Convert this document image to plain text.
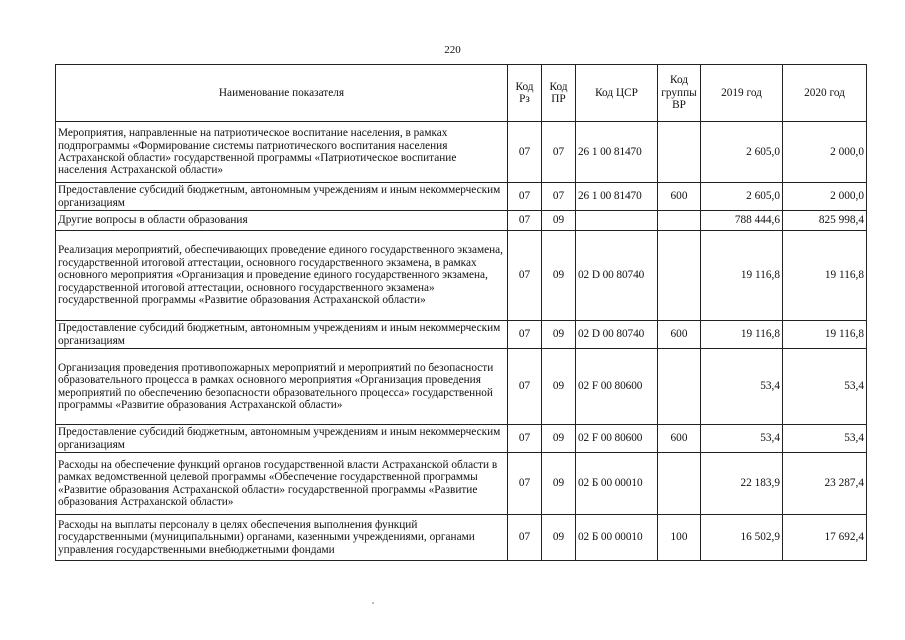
220
Наименование показателя	Код Рз	Код ПР	Код ЦСР	Код группы ВР	2019 год	2020 год
Мероприятия, направленные на патриотическое воспитание населения, в рамках подпрограммы «Формирование системы патриотического воспитания населения Астраханской области» государственной программы «Патриотическое воспитание населения Астраханской области»	07	07	26 1 00 81470		2 605,0	2 000,0
Предоставление субсидий бюджетным, автономным учреждениям и иным некоммерческим организациям	07	07	26 1 00 81470	600	2 605,0	2 000,0
Другие вопросы в области образования	07	09			788 444,6	825 998,4
Реализация мероприятий, обеспечивающих проведение единого государственного экзамена, государственной итоговой аттестации, основного государственного экзамена, в рамках основного мероприятия «Организация и проведение единого государственного экзамена, государственной итоговой аттестации, основного государственного экзамена» государственной программы «Развитие образования Астраханской области»	07	09	02 D 00 80740		19 116,8	19 116,8
Предоставление субсидий бюджетным, автономным учреждениям и иным некоммерческим организациям	07	09	02 D 00 80740	600	19 116,8	19 116,8
Организация проведения противопожарных мероприятий и мероприятий по безопасности образовательного процесса в рамках основного мероприятия «Организация проведения мероприятий по обеспечению безопасности образовательного процесса» государственной программы «Развитие образования Астраханской области»	07	09	02 F 00 80600		53,4	53,4
Предоставление субсидий бюджетным, автономным учреждениям и иным некоммерческим организациям	07	09	02 F 00 80600	600	53,4	53,4
Расходы на обеспечение функций органов государственной власти Астраханской области в рамках ведомственной целевой программы «Обеспечение государственной программы «Развитие образования Астраханской области» государственной программы «Развитие образования Астраханской области»	07	09	02 Б 00 00010		22 183,9	23 287,4
Расходы на выплаты персоналу в целях обеспечения выполнения функций государственными (муниципальными) органами, казенными учреждениями, органами управления государственными внебюджетными фондами	07	09	02 Б 00 00010	100	16 502,9	17 692,4
